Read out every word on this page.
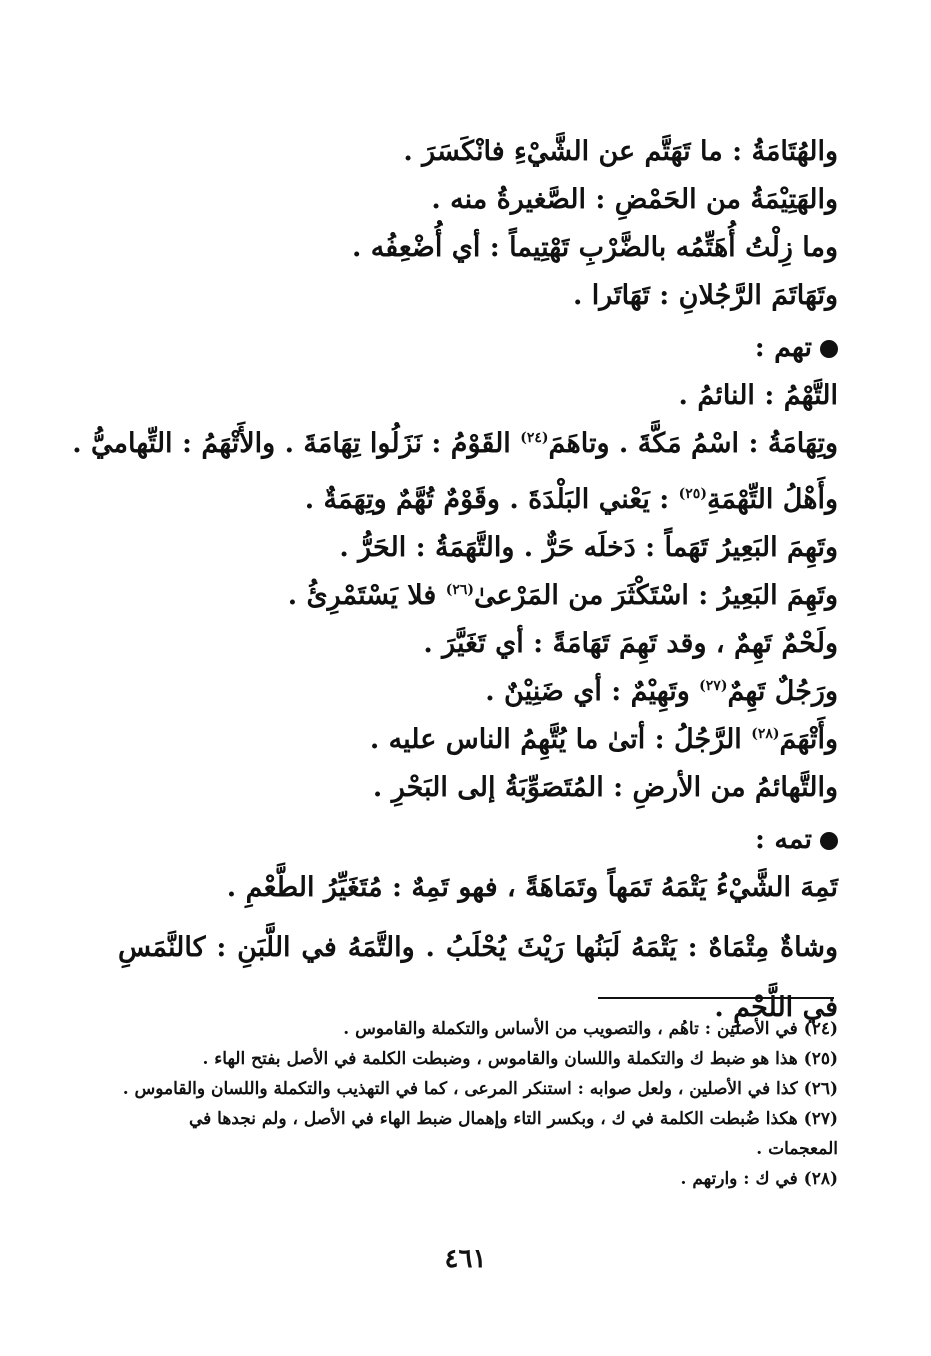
والهُتَامَةُ : ما تَهَتَّم عن الشَّيْءِ فانْكَسَرَ .
والهَتِيْمَةُ من الحَمْضِ : الصَّغيرةُ منه .
وما زِلْتُ أُهَتِّمُه بالضَّرْبِ تَهْتِيماً : أي أُضْعِفُه .
وتَهَاتَمَ الرَّجُلانِ : تَهَاتَرا .
تهم :
التَّهْمُ : النائمُ .
وتِهَامَةُ : اسْمُ مَكَّةَ . وتاهَمَ$^{(٢٤)}$ القَوْمُ : نَزَلُوا تِهَامَةَ . والأَتْهَمُ : التِّهاميُّ .
وأَهْلُ التِّهْمَةِ$^{(٢٥)}$ : يَعْني البَلْدَةَ . وقَوْمٌ تُهَّمٌ وتِهَمَةٌ .
وتَهِمَ البَعِيرُ تَهَماً : دَخلَه حَرٌّ . والتَّهَمَةُ : الحَرُّ .
وتَهِمَ البَعِيرُ : اسْتَكْثَرَ من المَرْعىٰ$^{(٢٦)}$ فلا يَسْتَمْرِئُ .
ولَحْمٌ تَهِمٌ ، وقد تَهِمَ تَهَامَةً : أي تَغَيَّرَ .
ورَجُلٌ تَهِمٌ$^{(٢٧)}$ وتَهِيْمٌ : أي ضَنِيْنٌ .
وأَتْهَمَ$^{(٢٨)}$ الرَّجُلُ : أتىٰ ما يُتَّهِمُ الناس عليه .
والتَّهائمُ من الأرضِ : المُتَصَوِّبَةُ إلى البَحْرِ .
تمه :
تَمِهَ الشَّيْءُ يَتْمَهُ تَمَهاً وتَمَاهَةً ، فهو تَمِهٌ : مُتَغَيِّرُ الطَّعْمِ .
وشاةٌ مِتْمَاهٌ : يَتْمَهُ لَبَنُها رَيْثَ يُحْلَبُ . والتَّمَهُ في اللَّبَنِ : كالنَّمَسِ في اللَّحْمِ .
(٢٤) في الأصلين : تاهُم ، والتصويب من الأساس والتكملة والقاموس .
(٢٥) هذا هو ضبط ك والتكملة واللسان والقاموس ، وضبطت الكلمة في الأصل بفتح الهاء .
(٢٦) كذا في الأصلين ، ولعل صوابه : استنكر المرعى ، كما في التهذيب والتكملة واللسان والقاموس .
(٢٧) هكذا ضُبطت الكلمة في ك ، وبكسر التاء وإهمال ضبط الهاء في الأصل ، ولم نجدها في المعجمات .
(٢٨) في ك : وارتهم .
٤٦١
